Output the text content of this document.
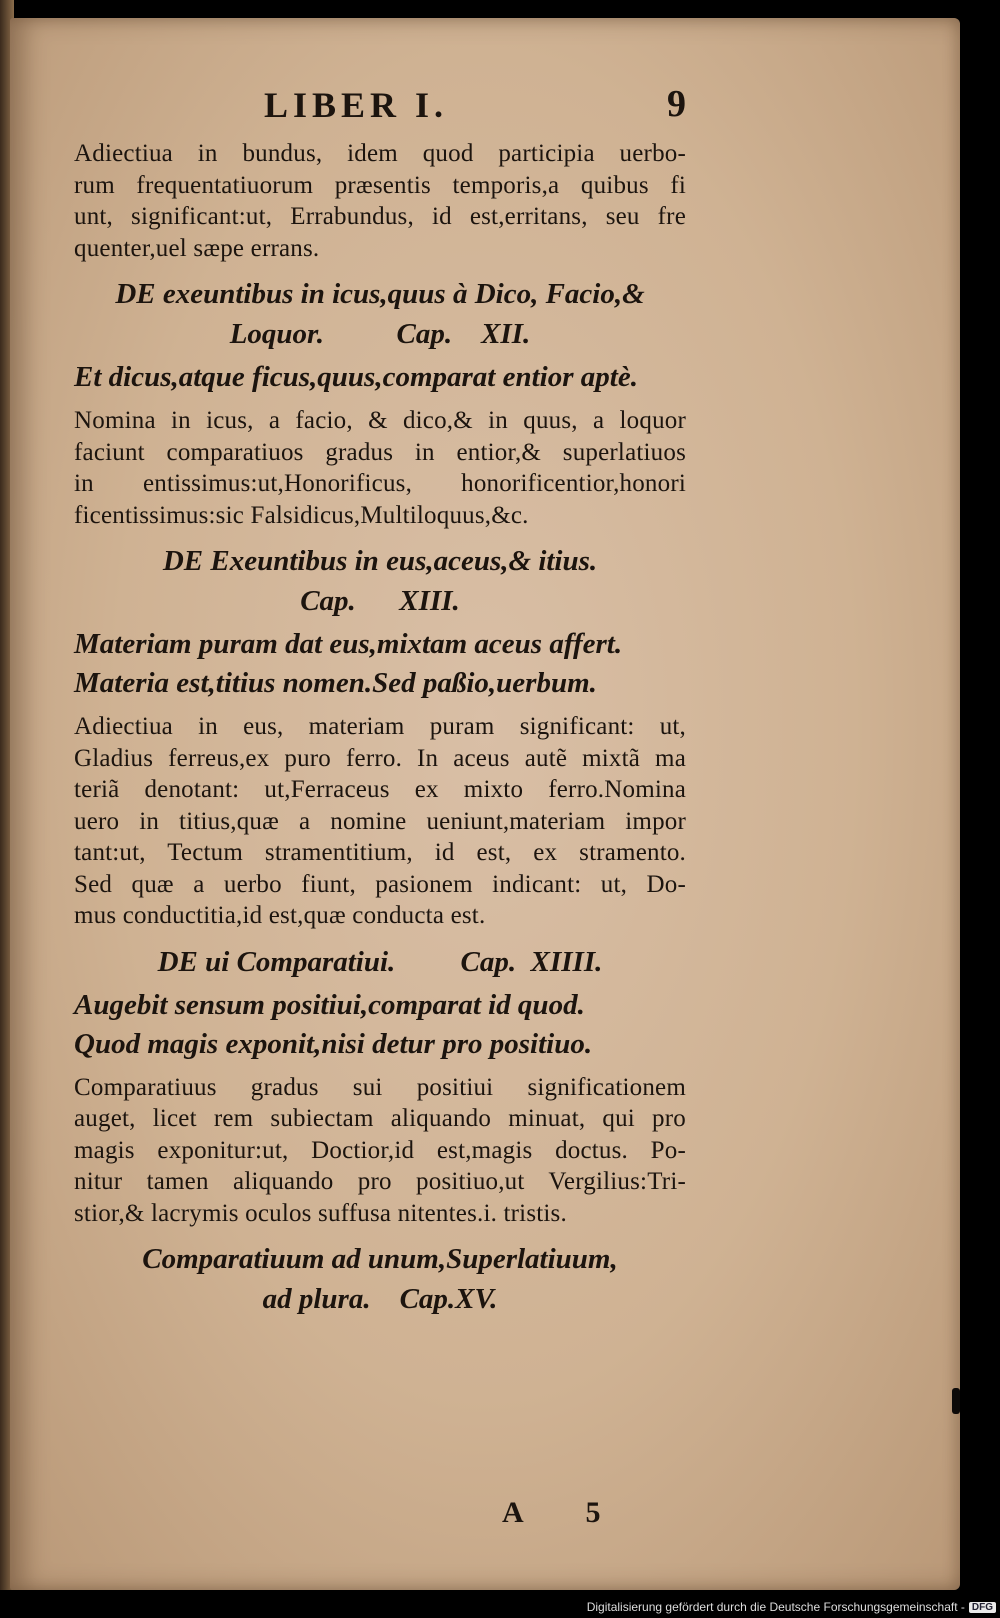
LIBER I.	9
Adiectiua in bundus, idem quod participia uerbo-
rum frequentatiuorum præsentis temporis,a quibus fi
unt, significant:ut, Errabundus, id est,erritans, seu fre
quenter,uel sæpe errans.
DE exeuntibus in icus,quus à Dico, Facio,&
Loquor.          Cap.    XII.
Et dicus,atque ficus,quus,comparat entior aptè.
Nomina in icus, a facio, & dico,& in quus, a loquor
faciunt comparatiuos gradus in entior,& superlatiuos
in entissimus:ut,Honorificus, honorificentior,honori
ficentissimus:sic Falsidicus,Multiloquus,&c.
DE Exeuntibus in eus,aceus,& itius.
Cap.      XIII.
Materiam puram dat eus,mixtam aceus affert.
Materia est,titius nomen.Sed paßio,uerbum.
Adiectiua in eus, materiam puram significant: ut,
Gladius ferreus,ex puro ferro. In aceus autẽ mixtã ma
teriã denotant: ut,Ferraceus ex mixto ferro.Nomina
uero in titius,quæ a nomine ueniunt,materiam impor
tant:ut, Tectum stramentitium, id est, ex stramento.
Sed quæ a uerbo fiunt, pasionem indicant: ut, Do-
mus conductitia,id est,quæ conducta est.
DE ui Comparatiui.         Cap.  XIIII.
Augebit sensum positiui,comparat id quod.
Quod magis exponit,nisi detur pro positiuo.
Comparatiuus gradus sui positiui significationem
auget, licet rem subiectam aliquando minuat, qui pro
magis exponitur:ut, Doctior,id est,magis doctus. Po-
nitur tamen aliquando pro positiuo,ut Vergilius:Tri-
stior,& lacrymis oculos suffusa nitentes.i. tristis.
Comparatiuum ad unum,Superlatiuum,
ad plura.    Cap.XV.
A 5
Digitalisierung gefördert durch die Deutsche Forschungsgemeinschaft - DFG
